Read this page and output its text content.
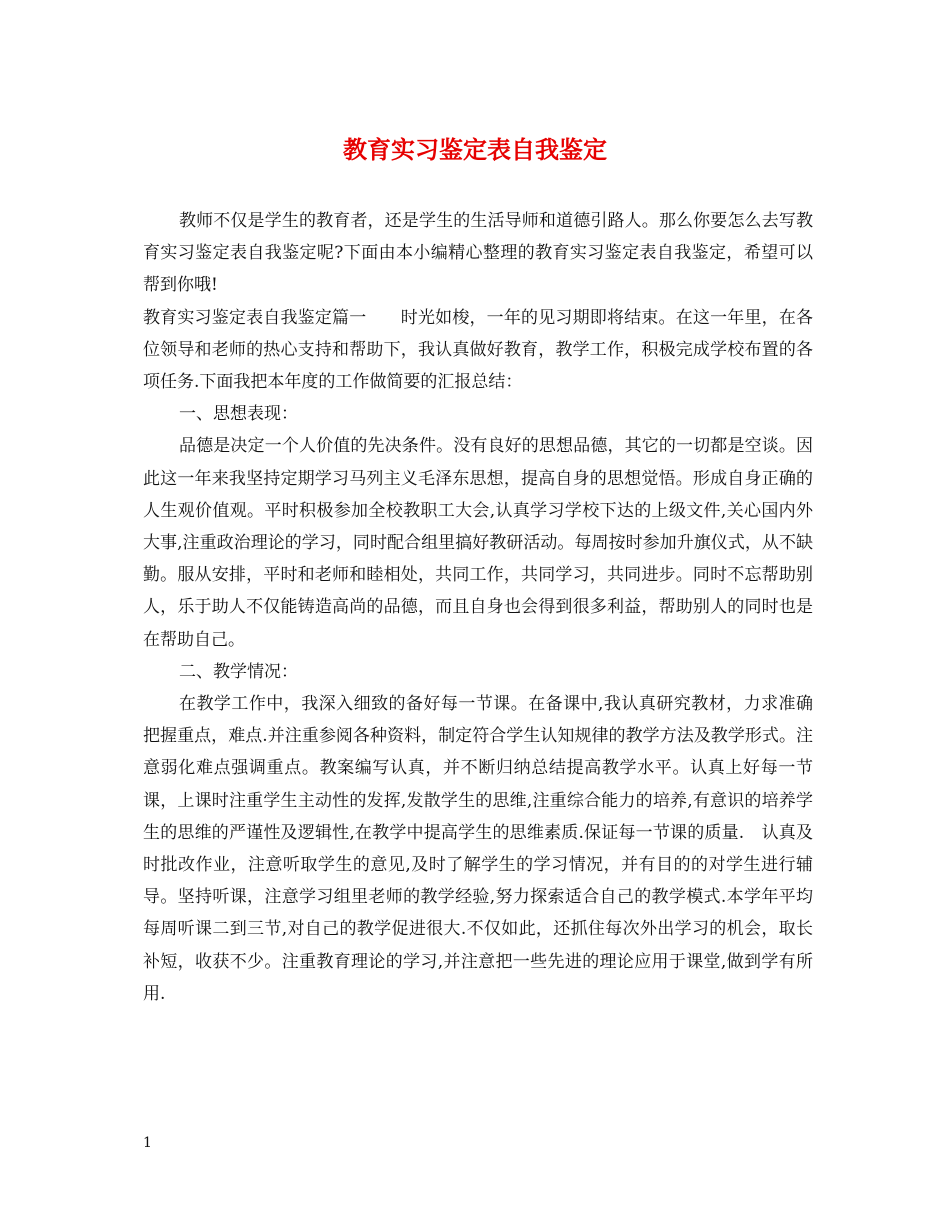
教育实习鉴定表自我鉴定

教师不仅是学生的教育者，还是学生的生活导师和道德引路人。那么你要怎么去写教育实习鉴定表自我鉴定呢?下面由本小编精心整理的教育实习鉴定表自我鉴定，希望可以帮到你哦!

教育实习鉴定表自我鉴定篇一　　时光如梭，一年的见习期即将结束。在这一年里，在各位领导和老师的热心支持和帮助下，我认真做好教育，教学工作，积极完成学校布置的各项任务.下面我把本年度的工作做简要的汇报总结：

一、思想表现：

品德是决定一个人价值的先决条件。没有良好的思想品德，其它的一切都是空谈。因此这一年来我坚持定期学习马列主义毛泽东思想，提高自身的思想觉悟。形成自身正确的人生观价值观。平时积极参加全校教职工大会,认真学习学校下达的上级文件,关心国内外大事,注重政治理论的学习，同时配合组里搞好教研活动。每周按时参加升旗仪式，从不缺勤。服从安排，平时和老师和睦相处，共同工作，共同学习，共同进步。同时不忘帮助别人，乐于助人不仅能铸造高尚的品德，而且自身也会得到很多利益，帮助别人的同时也是在帮助自己。

二、教学情况：

在教学工作中，我深入细致的备好每一节课。在备课中,我认真研究教材，力求准确把握重点，难点.并注重参阅各种资料，制定符合学生认知规律的教学方法及教学形式。注意弱化难点强调重点。教案编写认真，并不断归纳总结提高教学水平。认真上好每一节课，上课时注重学生主动性的发挥,发散学生的思维,注重综合能力的培养,有意识的培养学生的思维的严谨性及逻辑性,在教学中提高学生的思维素质.保证每一节课的质量.　认真及时批改作业，注意听取学生的意见,及时了解学生的学习情况，并有目的的对学生进行辅导。坚持听课，注意学习组里老师的教学经验,努力探索适合自己的教学模式.本学年平均每周听课二到三节,对自己的教学促进很大.不仅如此，还抓住每次外出学习的机会，取长补短，收获不少。注重教育理论的学习,并注意把一些先进的理论应用于课堂,做到学有所用.

1
